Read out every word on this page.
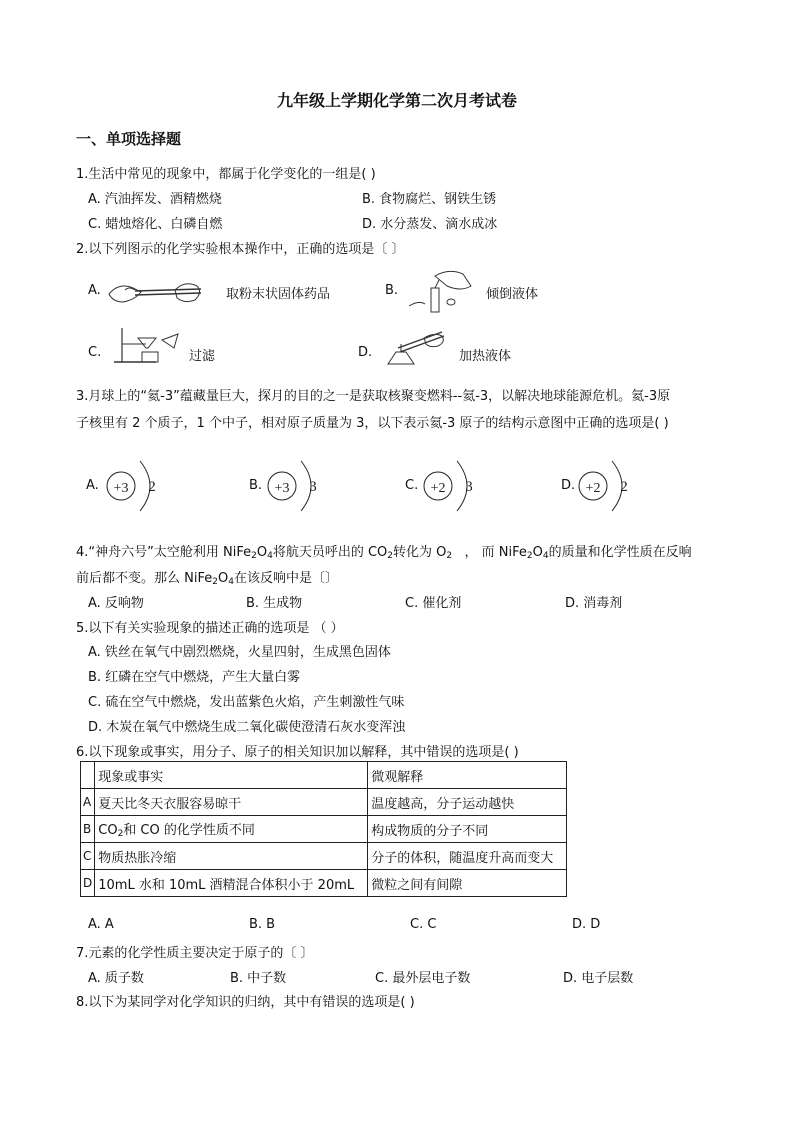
九年级上学期化学第二次月考试卷
一、单项选择题
1.生活中常见的现象中，都属于化学变化的一组是( )
A. 汽油挥发、酒精燃烧	B. 食物腐烂、钢铁生锈
C. 蜡烛熔化、白磷自燃	D. 水分蒸发、滴水成冰
2.以下列图示的化学实验根本操作中，正确的选项是〔 〕
A.	取粉末状固体药品	B.	倾倒液体
C.	过滤	D.	加热液体
3.月球上的“氦-3”蕴藏量巨大，探月的目的之一是获取核聚变燃料--氦-3，以解决地球能源危机。氦-3原
子核里有 2 个质子，1 个中子，相对原子质量为 3，以下表示氦-3 原子的结构示意图中正确的选项是( )
A.	B.	C.	D.
+3 2	+3 3	+2 3	+2 2
4.“神舟六号”太空舱利用 $NiFe_2O_4$将航天员呼出的 $CO_2$转化为 $O_2$ ， 而 $NiFe_2O_4$的质量和化学性质在反响
前后都不变。那么 $NiFe_2O_4$在该反响中是〔〕
A. 反响物	B. 生成物	C. 催化剂	D. 消毒剂
5.以下有关实验现象的描述正确的选项是 （ ）
A. 铁丝在氧气中剧烈燃烧，火星四射，生成黑色固体
B. 红磷在空气中燃烧，产生大量白雾
C. 硫在空气中燃烧，发出蓝紫色火焰，产生刺激性气味
D. 木炭在氧气中燃烧生成二氧化碳使澄清石灰水变浑浊
6.以下现象或事实，用分子、原子的相关知识加以解释，其中错误的选项是( )
	现象或事实	微观解释
A	夏天比冬天衣服容易晾干	温度越高，分子运动越快
B	$CO_2$和 CO 的化学性质不同	构成物质的分子不同
C	物质热胀冷缩	分子的体积，随温度升高而变大
D	10mL 水和 10mL 酒精混合体积小于 20mL	微粒之间有间隙
A. A	B. B	C. C	D. D
7.元素的化学性质主要决定于原子的〔 〕
A. 质子数	B. 中子数	C. 最外层电子数	D. 电子层数
8.以下为某同学对化学知识的归纳，其中有错误的选项是( )
